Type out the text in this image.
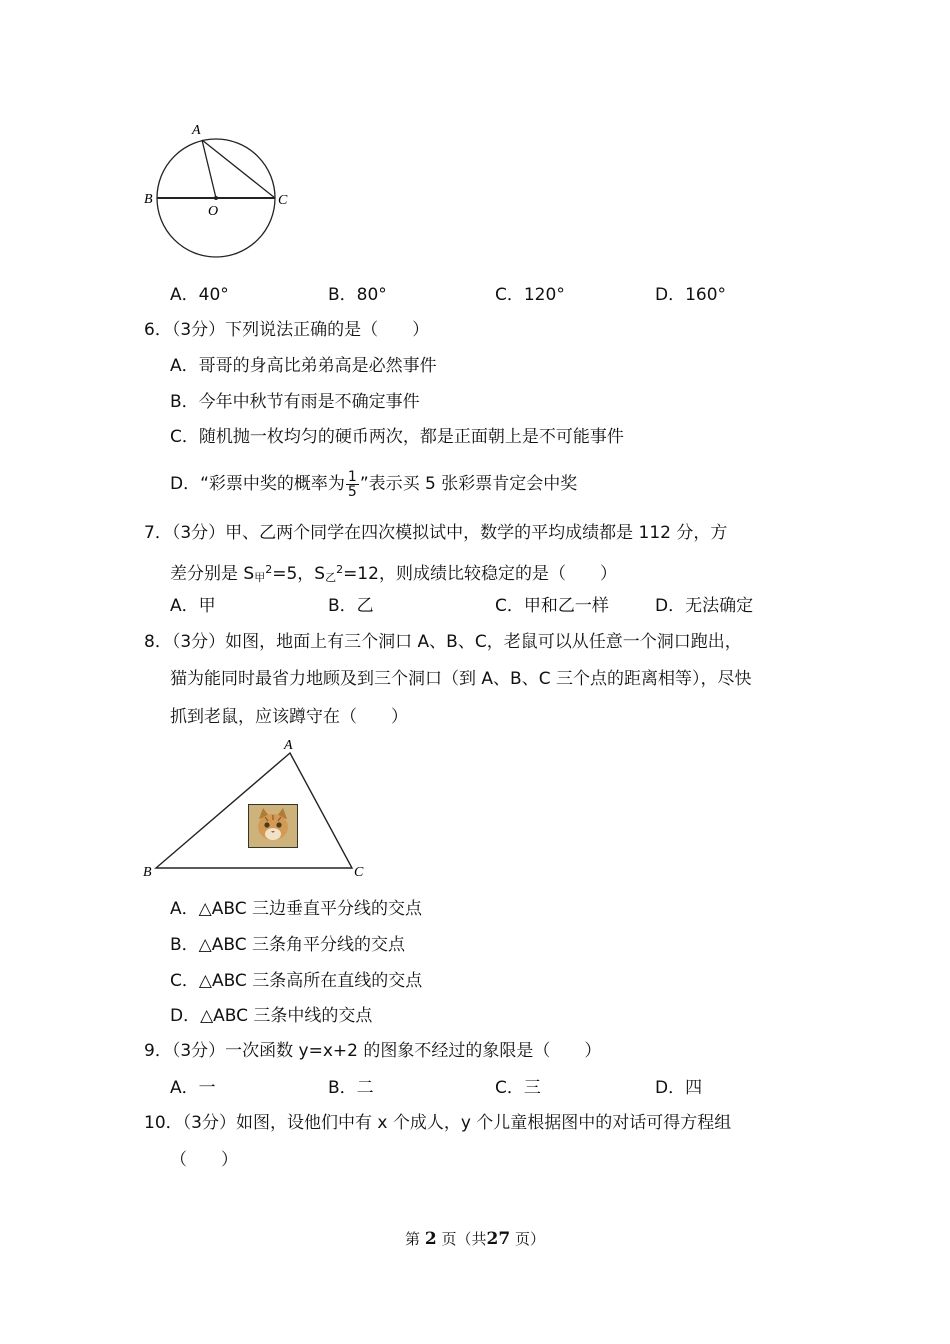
A
B
O
C
A．40°	B．80°	C．120°	D．160°
6．（3分）下列说法正确的是（　　）
A．哥哥的身高比弟弟高是必然事件
B．今年中秋节有雨是不确定事件
C．随机抛一枚均匀的硬币两次，都是正面朝上是不可能事件
D．“彩票中奖的概率为 $\frac{1}{5}$ ”表示买 5 张彩票肯定会中奖
7．（3分）甲、乙两个同学在四次模拟试中，数学的平均成绩都是 112 分，方
差分别是 S甲$^2$=5，S乙$^2$=12，则成绩比较稳定的是（　　）
A．甲	B．乙	C．甲和乙一样	D．无法确定
8．（3分）如图，地面上有三个洞口 A、B、C，老鼠可以从任意一个洞口跑出，
猫为能同时最省力地顾及到三个洞口（到 A、B、C 三个点的距离相等），尽快
抓到老鼠，应该蹲守在（　　）
A
B	C
A．△ABC 三边垂直平分线的交点
B．△ABC 三条角平分线的交点
C．△ABC 三条高所在直线的交点
D．△ABC 三条中线的交点
9．（3分）一次函数 y=x+2 的图象不经过的象限是（　　）
A．一	B．二	C．三	D．四
10．（3分）如图，设他们中有 x 个成人，y 个儿童根据图中的对话可得方程组
（　　）
第 2 页（共27 页）
